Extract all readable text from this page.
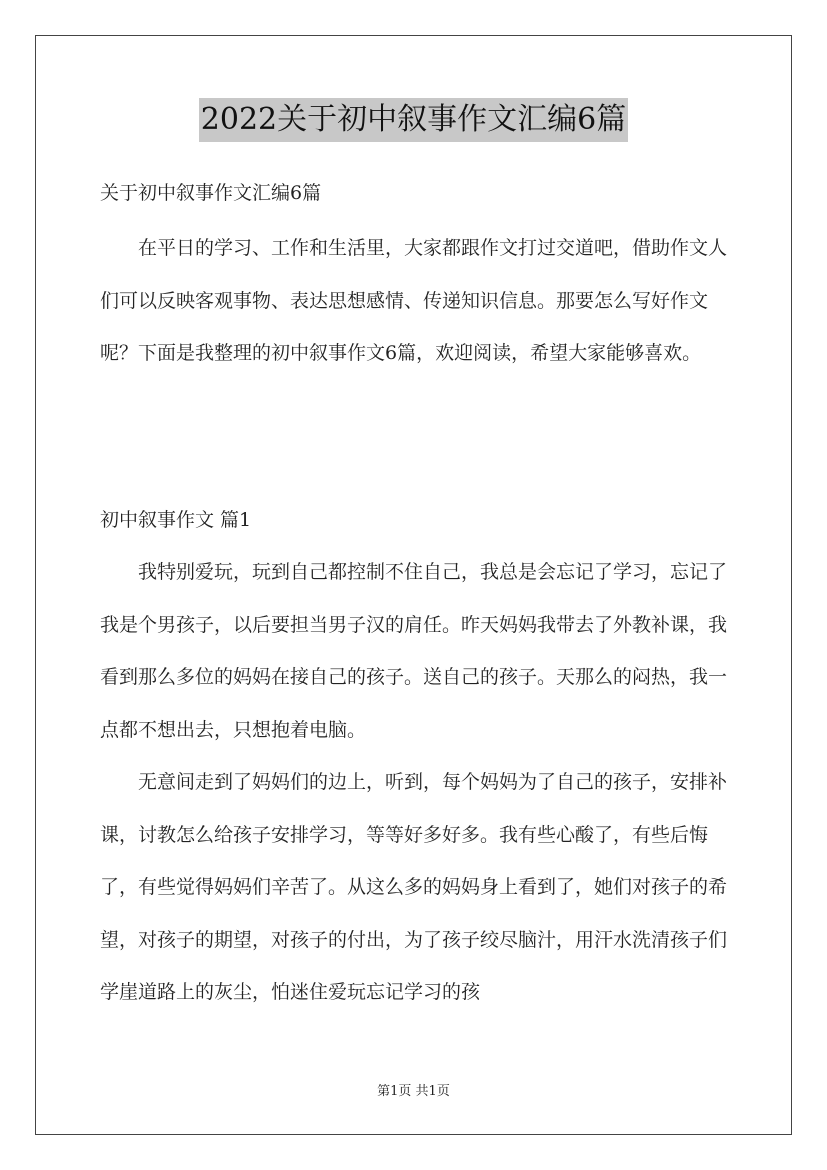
2022关于初中叙事作文汇编6篇
关于初中叙事作文汇编6篇

在平日的学习、工作和生活里，大家都跟作文打过交道吧，借助作文人们可以反映客观事物、表达思想感情、传递知识信息。那要怎么写好作文呢？下面是我整理的初中叙事作文6篇，欢迎阅读，希望大家能够喜欢。

初中叙事作文 篇1

我特别爱玩，玩到自己都控制不住自己，我总是会忘记了学习，忘记了我是个男孩子，以后要担当男子汉的肩任。昨天妈妈我带去了外教补课，我看到那么多位的妈妈在接自己的孩子。送自己的孩子。天那么的闷热，我一点都不想出去，只想抱着电脑。

无意间走到了妈妈们的边上，听到，每个妈妈为了自己的孩子，安排补课，讨教怎么给孩子安排学习，等等好多好多。我有些心酸了，有些后悔了，有些觉得妈妈们辛苦了。从这么多的妈妈身上看到了，她们对孩子的希望，对孩子的期望，对孩子的付出，为了孩子绞尽脑汁，用汗水洗清孩子们学崖道路上的灰尘，怕迷住爱玩忘记学习的孩

第1页 共1页
